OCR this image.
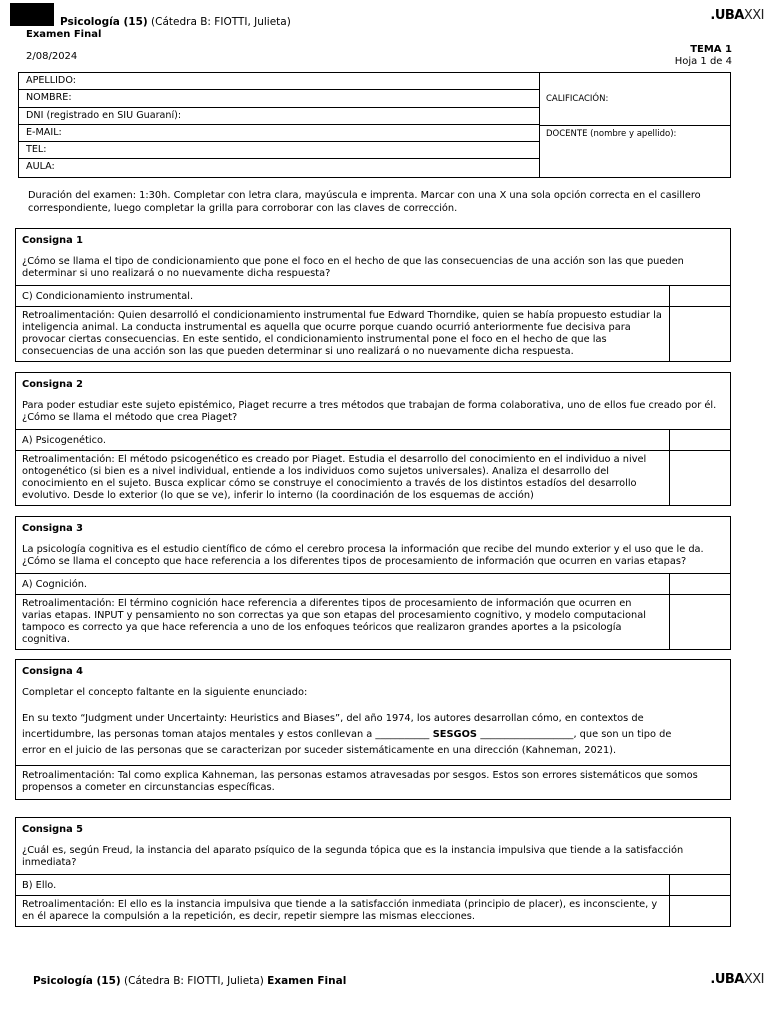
Psicología (15) (Cátedra B: FIOTTI, Julieta)
Examen Final
2/08/2024
.UBAXXI
TEMA 1
Hoja 1 de 4
APELLIDO:
NOMBRE:
DNI (registrado en SIU Guaraní):
E-MAIL:
TEL:
AULA:
CALIFICACIÓN:
DOCENTE (nombre y apellido):
Duración del examen: 1:30h. Completar con letra clara, mayúscula e imprenta. Marcar con una X una sola opción correcta en el casillero correspondiente, luego completar la grilla para corroborar con las claves de corrección.
Consigna 1
¿Cómo se llama el tipo de condicionamiento que pone el foco en el hecho de que las consecuencias de una acción son las que pueden determinar si uno realizará o no nuevamente dicha respuesta?
C) Condicionamiento instrumental.
Retroalimentación: Quien desarrolló el condicionamiento instrumental fue Edward Thorndike, quien se había propuesto estudiar la inteligencia animal. La conducta instrumental es aquella que ocurre porque cuando ocurrió anteriormente fue decisiva para provocar ciertas consecuencias. En este sentido, el condicionamiento instrumental pone el foco en el hecho de que las consecuencias de una acción son las que pueden determinar si uno realizará o no nuevamente dicha respuesta.
Consigna 2
Para poder estudiar este sujeto epistémico, Piaget recurre a tres métodos que trabajan de forma colaborativa, uno de ellos fue creado por él. ¿Cómo se llama el método que crea Piaget?
A) Psicogenético.
Retroalimentación: El método psicogenético es creado por Piaget. Estudia el desarrollo del conocimiento en el individuo a nivel ontogenético (si bien es a nivel individual, entiende a los individuos como sujetos universales). Analiza el desarrollo del conocimiento en el sujeto. Busca explicar cómo se construye el conocimiento a través de los distintos estadíos del desarrollo evolutivo. Desde lo exterior (lo que se ve), inferir lo interno (la coordinación de los esquemas de acción)
Consigna 3
La psicología cognitiva es el estudio científico de cómo el cerebro procesa la información que recibe del mundo exterior y el uso que le da. ¿Cómo se llama el concepto que hace referencia a los diferentes tipos de procesamiento de información que ocurren en varias etapas?
A) Cognición.
Retroalimentación: El término cognición hace referencia a diferentes tipos de procesamiento de información que ocurren en varias etapas. INPUT y pensamiento no son correctas ya que son etapas del procesamiento cognitivo, y modelo computacional tampoco es correcto ya que hace referencia a uno de los enfoques teóricos que realizaron grandes aportes a la psicología cognitiva.
Consigna 4
Completar el concepto faltante en la siguiente enunciado:
En su texto “Judgment under Uncertainty: Heuristics and Biases”, del año 1974, los autores desarrollan cómo, en contextos de
incertidumbre, las personas toman atajos mentales y estos conllevan a ___________ SESGOS ___________________, que son un tipo de
error en el juicio de las personas que se caracterizan por suceder sistemáticamente en una dirección (Kahneman, 2021).
Retroalimentación: Tal como explica Kahneman, las personas estamos atravesadas por sesgos. Estos son errores sistemáticos que somos propensos a cometer en circunstancias específicas.
Consigna 5
¿Cuál es, según Freud, la instancia del aparato psíquico de la segunda tópica que es la instancia impulsiva que tiende a la satisfacción inmediata?
B) Ello.
Retroalimentación: El ello es la instancia impulsiva que tiende a la satisfacción inmediata (principio de placer), es inconsciente, y en él aparece la compulsión a la repetición, es decir, repetir siempre las mismas elecciones.
Psicología (15) (Cátedra B: FIOTTI, Julieta) Examen Final	.UBAXXI
